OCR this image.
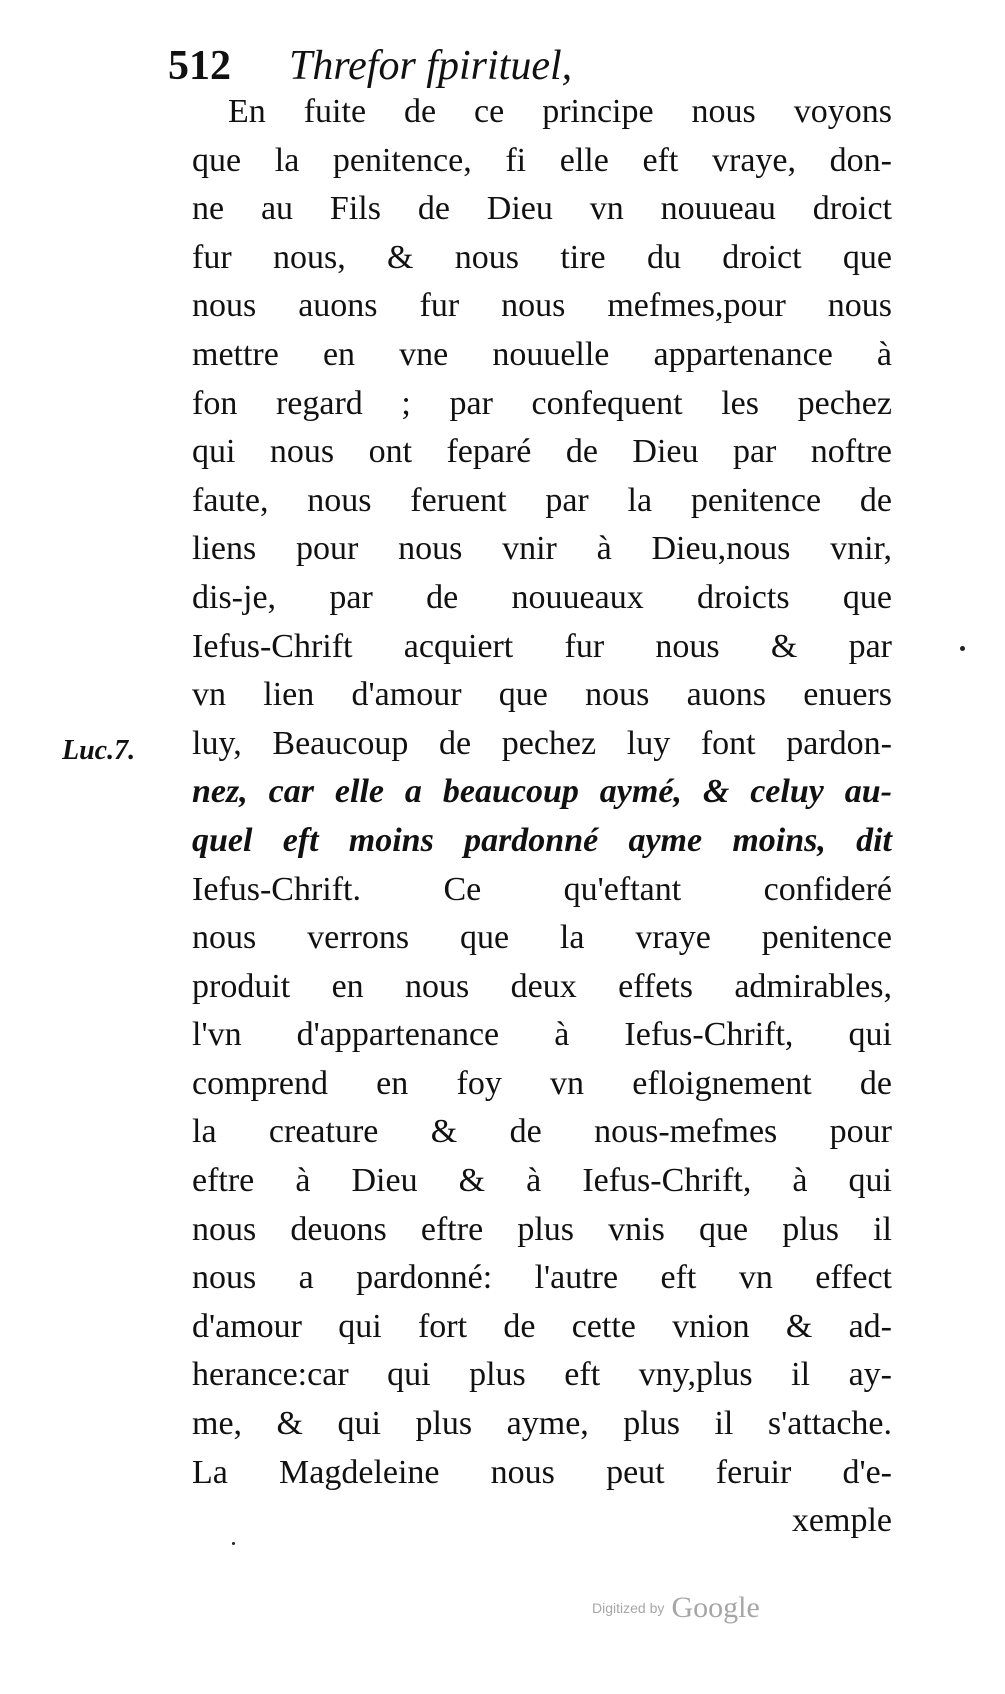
512 Threfor fpirituel,
Luc.7.
En fuite de ce principe nous voyons
que la penitence, fi elle eft vraye, don-
ne au Fils de Dieu vn nouueau droict
fur nous, & nous tire du droict que
nous auons fur nous mefmes,pour nous
mettre en vne nouuelle appartenance à
fon regard ; par confequent les pechez
qui nous ont feparé de Dieu par noftre
faute, nous feruent par la penitence de
liens pour nous vnir à Dieu,nous vnir,
dis-je, par de nouueaux droicts que
Iefus-Chrift acquiert fur nous & par
vn lien d'amour que nous auons enuers
luy, Beaucoup de pechez luy font pardon-
nez, car elle a beaucoup aymé, & celuy au-
quel eft moins pardonné ayme moins, dit
Iefus-Chrift. Ce qu'eftant confideré
nous verrons que la vraye penitence
produit en nous deux effets admirables,
l'vn d'appartenance à Iefus-Chrift, qui
comprend en foy vn efloignement de
la creature & de nous-mefmes pour
eftre à Dieu & à Iefus-Chrift, à qui
nous deuons eftre plus vnis que plus il
nous a pardonné: l'autre eft vn effect
d'amour qui fort de cette vnion & ad-
herance:car qui plus eft vny,plus il ay-
me, & qui plus ayme, plus il s'attache.
La Magdeleine nous peut feruir d'e-
xemple
Digitized by Google
